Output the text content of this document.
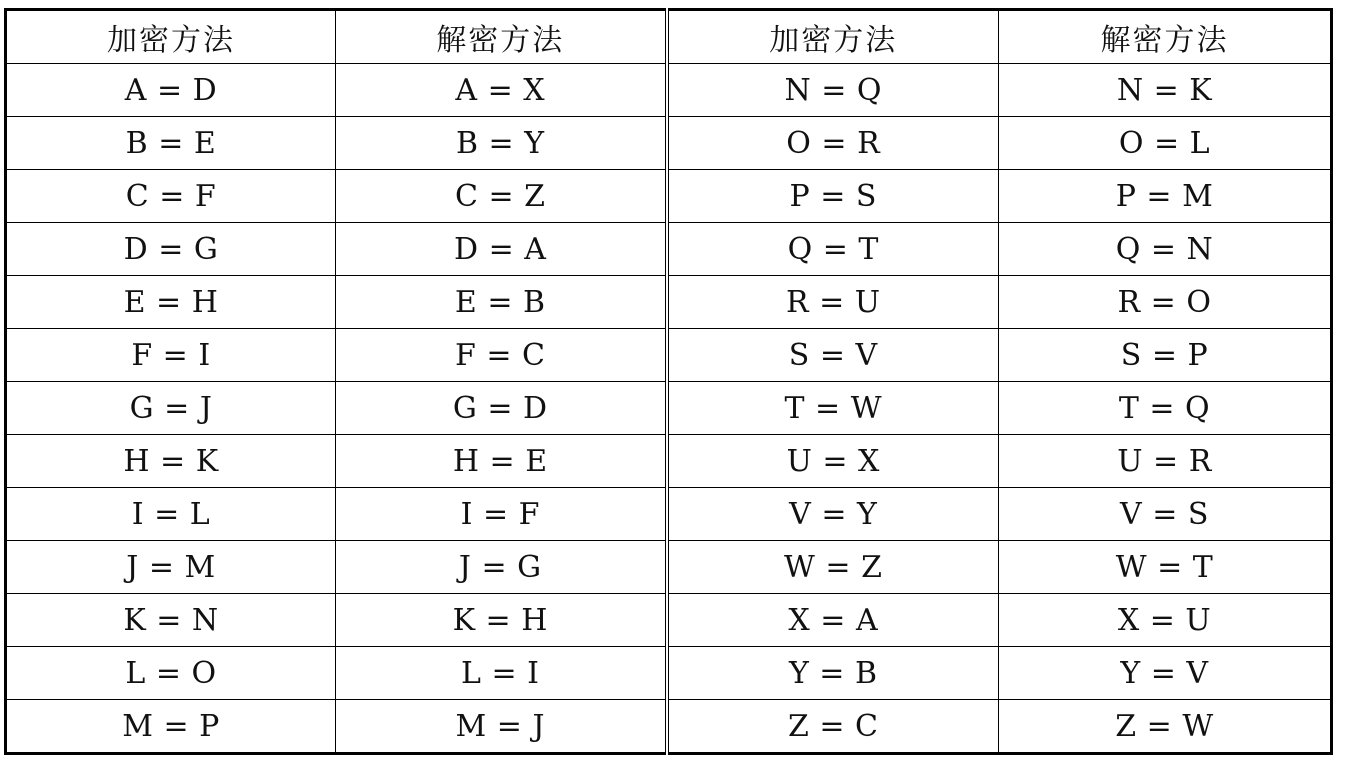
加密方法	解密方法	加密方法	解密方法
A = D	A = X	N = Q	N = K
B = E	B = Y	O = R	O = L
C = F	C = Z	P = S	P = M
D = G	D = A	Q = T	Q = N
E = H	E = B	R = U	R = O
F = I	F = C	S = V	S = P
G = J	G = D	T = W	T = Q
H = K	H = E	U = X	U = R
I = L	I = F	V = Y	V = S
J = M	J = G	W = Z	W = T
K = N	K = H	X = A	X = U
L = O	L = I	Y = B	Y = V
M = P	M = J	Z = C	Z = W
